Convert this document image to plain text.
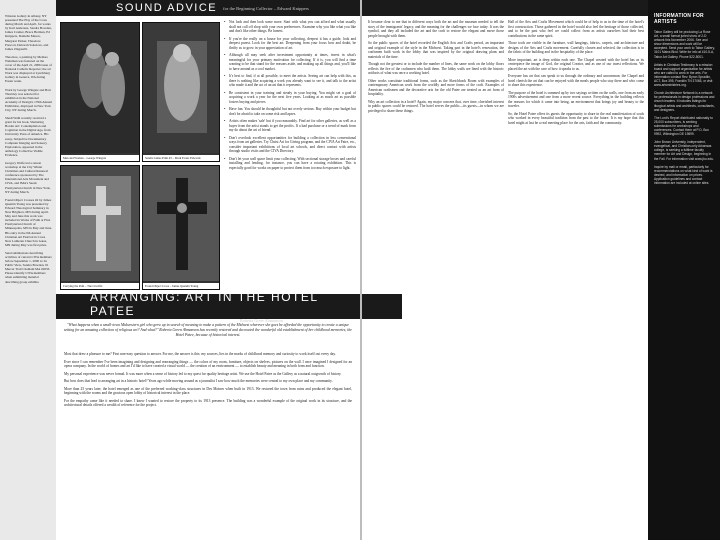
Winston Gallery in Albany, NY presented The Play of the Cross during March and April, for works by Karl Andersen, Sandra Bowden, James Cramer, Bruce Herman, Ed Knippers, Danielle Mason, Margaret Parker, Theodore Prescott, Deborah Sokolove, and James Zingarelli.

Theodore, a painting by Melissa Weinman was featured on the cover of the April 21, 2006 issue of National Catholic Reporter; the art Work was displayed at Lynchburg Gallery in Geneva, WA during Easter week.

Work by George Wingate and Bart Thornley was selected for exhibition in the National Academy of Design's 179th Annual Exhibition, displayed in New York City, NY during March.

Shadi Walli recently received a grant for his book, Shattering Border Art: Contemplation and Cognition in the Digital Age, from University Press of America. His essay, Subjective Documentary Computer Imaging and Sensory Exploration, appeared in the anthology Collective Visible Evidence.

Gregory Wolfe led a retreat workshop at the City Winter Christmas and Cultural Renewal conference sponsored by The International Arts Movement and CIVA, and IMA's Seeds Presbyterian Church in New York, NY during March.

Found Object Crosses #2 by James Quentin Young was presented by Edward Theological Seminary in New Brighton, MN during April. May and June this work was included in Works of Faith at First Presbyterian Church of Minneapolis, MN in May and June. His entry in the 6th Annual Christian Art Festival in Cross New Lutheran Church in Gates, MN during May was first prize.

Send submissions describing activities of current CIVA members before September 1, 2006 to: In Public View, Sandra Bowden, 91 Mercer Trail Chatham MA 02633. Please identify CIVA members when submitting material describing group exhibits.

SOUND ADVICE for the Beginning Collector – Edward Knippers
Man and Women – George Wingate	Sandra James Prim #3 – Mark Evans Edwards
Carrying the Path – The Crucifix	Found Object Cross – James Quentin Young

• Not look and then look some more. Start with what you can afford and what usually shall not call off shop with your own preferences. Examine why you like what you like and don't like other things. Be honest.

• If you're the really on a house for your collecting, deepest it has a guide, look and deepest purest. Look for the best art. Deepening from your focus how and doubt, be thrifty as to grow in your appreciation of art.

• Although all may seek after investment opportunity at times, invest in what's meaningful for your primary motivation for collecting. If it is, you will find a time wanting to be that stand for the reasons aside, and making up all things and, you'll like to have around as a cool market.

• It's best to find, if at all possible, to meet the artists. Seeing art can help with this, as there is nothing like acquiring a work you already want to see it, and talk to the artist who made it and the act of an art that it represents.

• Be consistent in your training and steady in your buying. You might set a goal of acquiring a work a year for the next five years. Looking at as much art as possible fosters buying and pieces.

• Have fun. You should be thoughtful but not overly serious. Buy within your budget but don't be afraid to take on some risk and lapses.

• Artists often makes 'sale' but if you reasonably. Find art for other galleries, as well as a buyer from the artist stands to get the profits. If a bad purchase or a trend of mark from my do about the art of friend.

• Don't overlook excellent opportunities for building a collection in less conventional ways from art galleries. Try Christ Art for Giving program, and the CIVA Art Faire, etc., consider important exhibitions of local art schools, and direct contact with artists through studio visits and the CIVA Directory.

• Don't let your wall space limit your collecting. With sectional storage boxes and careful installing and lending, for instance, you can have a rotating exhibition. This is especially good for works on paper to protect them from too much exposure to light.

ARRANGING: ART IN THE HOTEL PATEE
Roberta Greer Ahmanson
"What happens when a small-town Midwestern girl who grew up in search of meaning to make a pattern of the Midwest wherever she goes be afforded the opportunity to create a unique setting for an amazing collection of religious art? And what?" Roberta Green Ahmanson has recently restored and decorated the wonderful old establishment of her childhood memories, the Hotel Patee, because of historical interest.

Most that drew a pleasure to me? First non-easy question to answer. For me, the answer is this: my sources, lies in the marks of childhood memory and curiosity to work itself out every day.

Ever since I can remember I've been imagining and designing and rearranging things — the colors of my room, furniture, objects on shelves, pictures on the wall. I once imagined I designed for an opera company. In the world of homes and art I'd like to have created a visual world — the creation of an environment — to establish beauty and meaning in both form and function.

My personal experience was never formal. It was more when a sense of history led to my quest for quality heritage artist. We use the Hotel Patee as the Gallery as a natural outgrowth of history.

But how does that lead to arranging art in a historic hotel? Years ago while moving around as a journalist I saw how much the memories were central to my own place and my community.

More than 25 years later, the hotel emerged as one of the preferred working-class structures in Des Moines when built in 1913. We restored the town from ruins and produced the elegant hotel, beginning with the rooms and the gracious open lobby of historical interest in the place.

For the empathy came like it needed to share. I knew I wanted to restore the property to its 1913 presence. The building was a wonderful example of the original work in its structure, and the architectural details offered a wealth of reference for the project.

It became clear to me that in different ways both the art and the museum needed to tell the story of the immigrants' legacy, and the meaning for the challenges we face today. It was the symbol, and they all included the art and the craft to restore the elegant and move those people brought with them.

So the public spaces of the hotel recorded the English Arts and Crafts period, an important and original example of the style in the Midwest. Taking part in the hotel's renovation, the craftsmen built work in the lobby that was inspired by the original drawing plans and materials of the time.

Though not the greatest or to include the number of lines, the same work on the lobby floors reflects the fire of the craftsmen who built them. The lobby walls are lined with the historic artifacts of what was once a working hotel.

Other works constitute traditional forms, such as the Sketchbook Room with examples of contemporary American work from the worldly and more forms of the craft. Examples of American craftsmen and the decorative arts for the old Patee are treated as an art form of hospitality.

Why an art collection in a hotel? Again, my major concern that, over time, cherished interest in public spaces could be restored. The hotel serves the public—its guests—in whom we are privileged to share these things.

Hall of the Arts and Crafts Movement which could be of help to us in the time of the hotel's first construction. Those gathered in the hotel would also feel the heritage of those collected, and to be the past who feel we could collect from as artists ourselves had their best contributions in the same spirit.

Those tools are visible in the furniture, wall hangings, fabrics, carpets, and architecture and designs of the Arts and Crafts movement. Carefully chosen and selected, the collection is in the fabric of the building and in the hospitality of the place.

More important, art is deep within each one. The Chapel created with the hotel has as its centerpiece the image of God, the original Creator, and as one of our truest reflections. We placed the art with the care of how it speaks to us.

Everyone has art that can speak to us through the ordinary and uncommon; the Chapel and hotel cherish the art that can be enjoyed with the meals people who stay there and who come to share this experience.

The purpose of the hotel is summed up by two sayings written on the walls, one from an early 1900s advertisement and one from a more recent source. Everything in the building reflects the reasons for which it came into being, an environment that brings joy and beauty to the traveler.

So, the Hotel Patee offers its guests the opportunity to share in the real manifestation of souls who worked in every beautiful tradition from the past to the future. It is my hope that this hotel might at last be a real meeting place for the arts, faith and the community.

INFORMATION FOR ARTISTS

Tabor Gallery will be producing La Rose Art, a small format juried show of 2-D artwork this November 2006. See and show dimensions and work will be accepted. Send your work to Tabor Gallery, 3101 Mains Blvd. Write for info at 410-5-A, Tabor Art Gallery. Phone 522-5001.

Artists in Christian Testimony is a mission board and support organization for artists who are called to work in the arts. For information contact Rev. Byron Spradlin, ACT, Box 395, Franklin TN 37065, or visit www.artsministries.org.

Church Architecture Network is a network for professionals in design professions and church leaders. It includes listings for liturgical artists and architects, consultants, and designers.

The Lord's Report distributed nationally to 25,000 subscribers, is seeking submissions for workshops and conferences. Contact them at P.O. Box 9992, Wilmington DE 19899.

John Brown University, independent, evangelical, and Christian-only Arkansas college, is seeking a fulltime faculty member for Art and Design, beginning in the Fall. For information visit www.jbu.edu.

Inquire by mail or email, particularly for recommendations on what kind of work is desired, and information on prices. Application guidelines and contact information are included at online sites.
